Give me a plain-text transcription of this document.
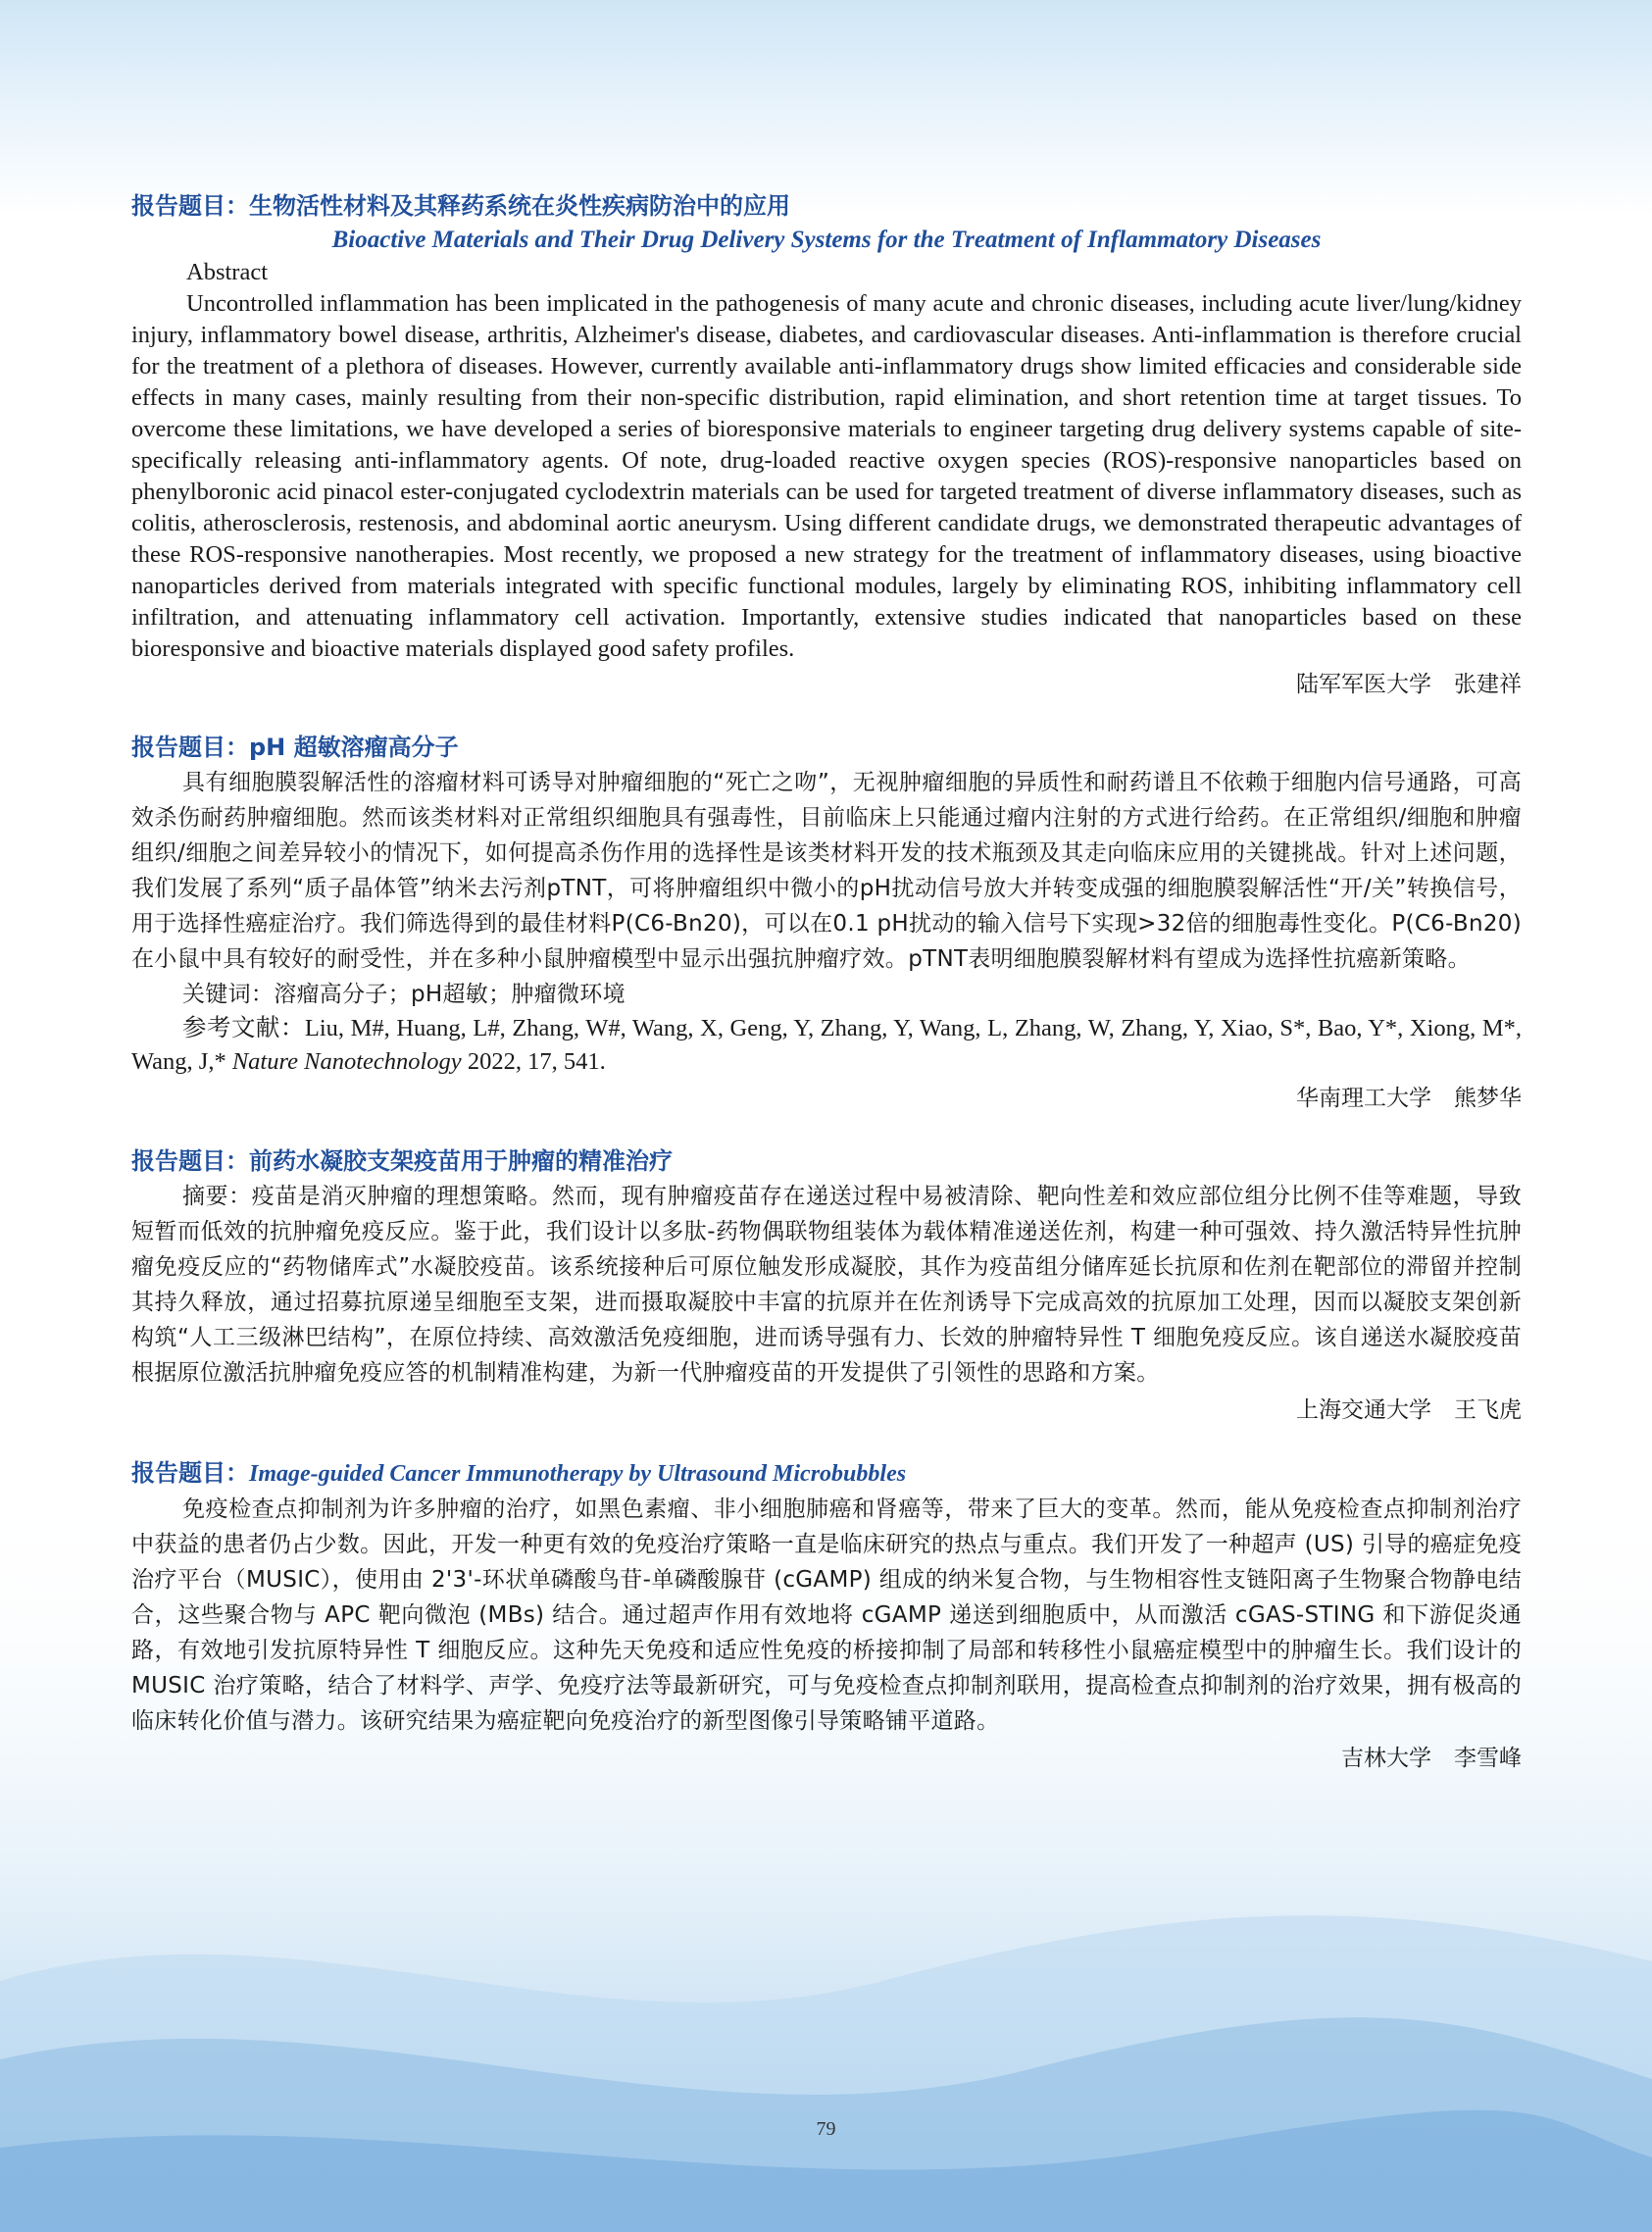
报告题目：生物活性材料及其释药系统在炎性疾病防治中的应用
Bioactive Materials and Their Drug Delivery Systems for the Treatment of Inflammatory Diseases
Abstract
Uncontrolled inflammation has been implicated in the pathogenesis of many acute and chronic diseases, including acute liver/lung/kidney injury, inflammatory bowel disease, arthritis, Alzheimer's disease, diabetes, and cardiovascular diseases. Anti-inflammation is therefore crucial for the treatment of a plethora of diseases. However, currently available anti-inflammatory drugs show limited efficacies and considerable side effects in many cases, mainly resulting from their non-specific distribution, rapid elimination, and short retention time at target tissues. To overcome these limitations, we have developed a series of bioresponsive materials to engineer targeting drug delivery systems capable of site-specifically releasing anti-inflammatory agents. Of note, drug-loaded reactive oxygen species (ROS)-responsive nanoparticles based on phenylboronic acid pinacol ester-conjugated cyclodextrin materials can be used for targeted treatment of diverse inflammatory diseases, such as colitis, atherosclerosis, restenosis, and abdominal aortic aneurysm. Using different candidate drugs, we demonstrated therapeutic advantages of these ROS-responsive nanotherapies. Most recently, we proposed a new strategy for the treatment of inflammatory diseases, using bioactive nanoparticles derived from materials integrated with specific functional modules, largely by eliminating ROS, inhibiting inflammatory cell infiltration, and attenuating inflammatory cell activation. Importantly, extensive studies indicated that nanoparticles based on these bioresponsive and bioactive materials displayed good safety profiles.
陆军军医大学　张建祥
报告题目：pH 超敏溶瘤高分子
具有细胞膜裂解活性的溶瘤材料可诱导对肿瘤细胞的“死亡之吻”，无视肿瘤细胞的异质性和耐药谱且不依赖于细胞内信号通路，可高效杀伤耐药肿瘤细胞。然而该类材料对正常组织细胞具有强毒性，目前临床上只能通过瘤内注射的方式进行给药。在正常组织/细胞和肿瘤组织/细胞之间差异较小的情况下，如何提高杀伤作用的选择性是该类材料开发的技术瓶颈及其走向临床应用的关键挑战。针对上述问题，我们发展了系列“质子晶体管”纳米去污剂pTNT，可将肿瘤组织中微小的pH扰动信号放大并转变成强的细胞膜裂解活性“开/关”转换信号，用于选择性癌症治疗。我们筛选得到的最佳材料P(C6-Bn20)，可以在0.1 pH扰动的输入信号下实现>32倍的细胞毒性变化。P(C6-Bn20)在小鼠中具有较好的耐受性，并在多种小鼠肿瘤模型中显示出强抗肿瘤疗效。pTNT表明细胞膜裂解材料有望成为选择性抗癌新策略。
关键词：溶瘤高分子；pH超敏；肿瘤微环境
参考文献：Liu, M#, Huang, L#, Zhang, W#, Wang, X, Geng, Y, Zhang, Y, Wang, L, Zhang, W, Zhang, Y, Xiao, S*, Bao, Y*, Xiong, M*, Wang, J,* Nature Nanotechnology 2022, 17, 541.
华南理工大学　熊梦华
报告题目：前药水凝胶支架疫苗用于肿瘤的精准治疗
摘要：疫苗是消灭肿瘤的理想策略。然而，现有肿瘤疫苗存在递送过程中易被清除、靶向性差和效应部位组分比例不佳等难题，导致短暂而低效的抗肿瘤免疫反应。鉴于此，我们设计以多肽-药物偶联物组装体为载体精准递送佐剂，构建一种可强效、持久激活特异性抗肿瘤免疫反应的“药物储库式”水凝胶疫苗。该系统接种后可原位触发形成凝胶，其作为疫苗组分储库延长抗原和佐剂在靶部位的滞留并控制其持久释放，通过招募抗原递呈细胞至支架，进而摄取凝胶中丰富的抗原并在佐剂诱导下完成高效的抗原加工处理，因而以凝胶支架创新构筑“人工三级淋巴结构”，在原位持续、高效激活免疫细胞，进而诱导强有力、长效的肿瘤特异性 T 细胞免疫反应。该自递送水凝胶疫苗根据原位激活抗肿瘤免疫应答的机制精准构建，为新一代肿瘤疫苗的开发提供了引领性的思路和方案。
上海交通大学　王飞虎
报告题目：Image-guided Cancer Immunotherapy by Ultrasound Microbubbles
免疫检查点抑制剂为许多肿瘤的治疗，如黑色素瘤、非小细胞肺癌和肾癌等，带来了巨大的变革。然而，能从免疫检查点抑制剂治疗中获益的患者仍占少数。因此，开发一种更有效的免疫治疗策略一直是临床研究的热点与重点。我们开发了一种超声 (US) 引导的癌症免疫治疗平台（MUSIC），使用由 2'3'-环状单磷酸鸟苷-单磷酸腺苷 (cGAMP) 组成的纳米复合物，与生物相容性支链阳离子生物聚合物静电结合，这些聚合物与 APC 靶向微泡 (MBs) 结合。通过超声作用有效地将 cGAMP 递送到细胞质中，从而激活 cGAS-STING 和下游促炎通路，有效地引发抗原特异性 T 细胞反应。这种先天免疫和适应性免疫的桥接抑制了局部和转移性小鼠癌症模型中的肿瘤生长。我们设计的 MUSIC 治疗策略，结合了材料学、声学、免疫疗法等最新研究，可与免疫检查点抑制剂联用，提高检查点抑制剂的治疗效果，拥有极高的临床转化价值与潜力。该研究结果为癌症靶向免疫治疗的新型图像引导策略铺平道路。
吉林大学　李雪峰
79
